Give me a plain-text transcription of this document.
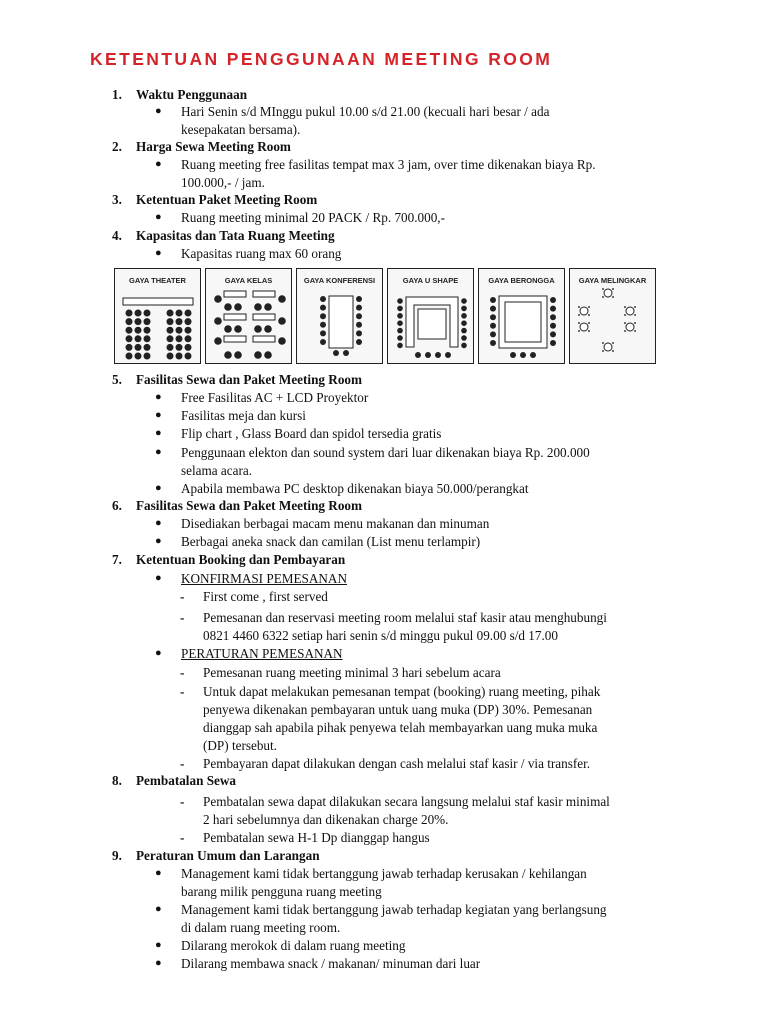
KETENTUAN PENGGUNAAN MEETING ROOM
1. Waktu Penggunaan
● Hari Senin s/d MInggu pukul 10.00 s/d 21.00 (kecuali hari besar / ada
kesepakatan bersama).
2. Harga Sewa Meeting Room
● Ruang meeting free fasilitas tempat max 3 jam, over time dikenakan biaya Rp.
100.000,- / jam.
3. Ketentuan Paket Meeting Room
● Ruang meeting minimal 20 PACK / Rp. 700.000,-
4. Kapasitas dan Tata Ruang Meeting
● Kapasitas ruang max 60 orang
GAYA THEATER	GAYA KELAS	GAYA KONFERENSI	GAYA U SHAPE	GAYA BERONGGA	GAYA MELINGKAR
5. Fasilitas Sewa dan Paket Meeting Room
● Free Fasilitas AC + LCD Proyektor
● Fasilitas meja dan kursi
● Flip chart , Glass Board dan spidol tersedia gratis
● Penggunaan elekton dan sound system dari luar dikenakan biaya Rp. 200.000
selama acara.
● Apabila membawa PC desktop dikenakan biaya 50.000/perangkat
6. Fasilitas Sewa dan Paket Meeting Room
● Disediakan berbagai macam menu makanan dan minuman
● Berbagai aneka snack dan camilan (List menu terlampir)
7. Ketentuan Booking dan Pembayaran
● KONFIRMASI PEMESANAN
- First come , first served
- Pemesanan dan reservasi meeting room melalui staf kasir atau menghubungi
0821 4460 6322 setiap hari senin s/d minggu pukul 09.00 s/d 17.00
● PERATURAN PEMESANAN
- Pemesanan ruang meeting minimal 3 hari sebelum acara
- Untuk dapat melakukan pemesanan tempat (booking) ruang meeting, pihak
penyewa dikenakan pembayaran untuk uang muka (DP) 30%. Pemesanan
dianggap sah apabila pihak penyewa telah membayarkan uang muka muka
(DP) tersebut.
- Pembayaran dapat dilakukan dengan cash melalui staf kasir / via transfer.
8. Pembatalan Sewa
- Pembatalan sewa dapat dilakukan secara langsung melalui staf kasir minimal
2 hari sebelumnya dan dikenakan charge 20%.
- Pembatalan sewa H-1 Dp dianggap hangus
9. Peraturan Umum dan Larangan
● Management kami tidak bertanggung jawab terhadap kerusakan / kehilangan
barang milik pengguna ruang meeting
● Management kami tidak bertanggung jawab terhadap kegiatan yang berlangsung
di dalam ruang meeting room.
● Dilarang merokok di dalam ruang meeting
● Dilarang membawa snack / makanan/ minuman dari luar
